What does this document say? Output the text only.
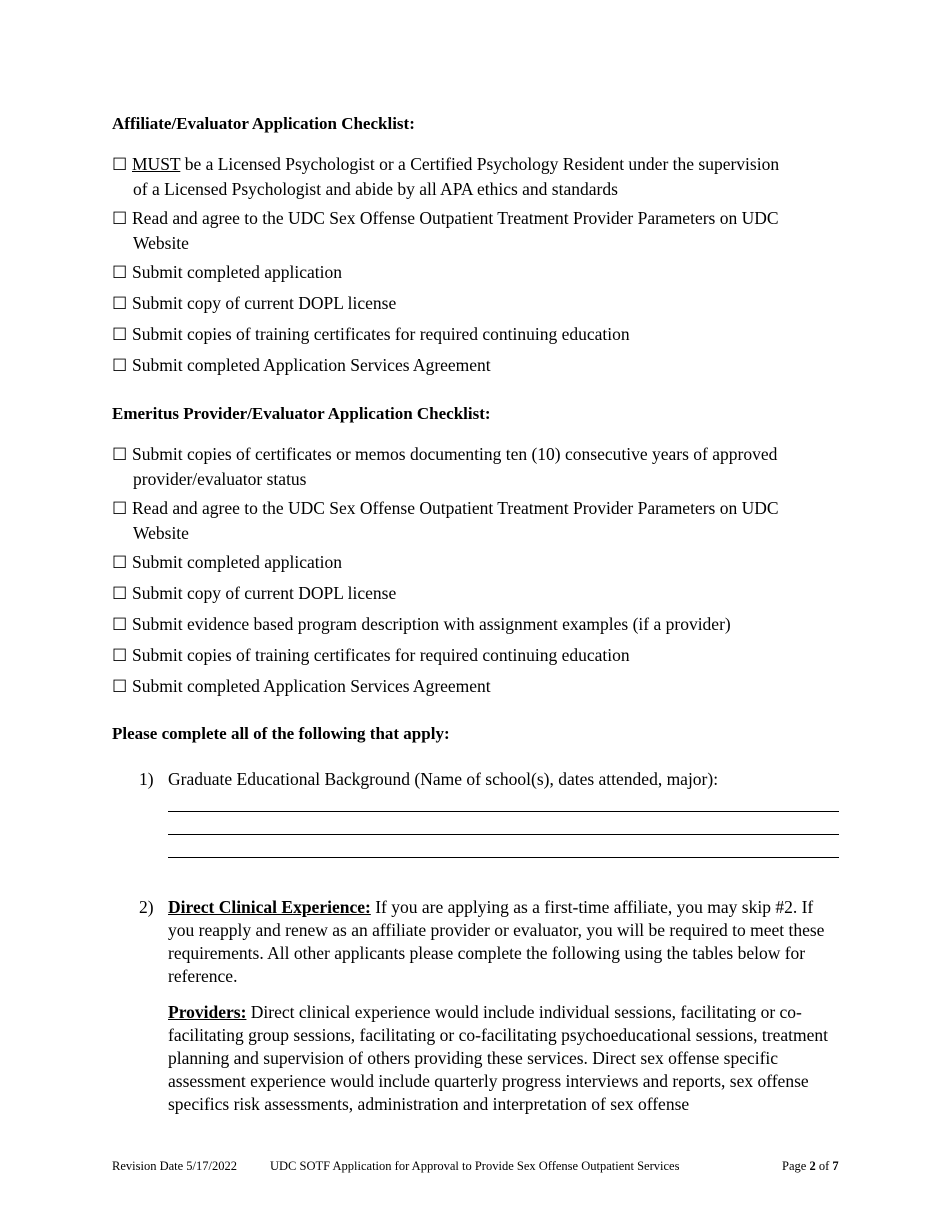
Affiliate/Evaluator Application Checklist:
☐ MUST be a Licensed Psychologist or a Certified Psychology Resident under the supervision
of a Licensed Psychologist and abide by all APA ethics and standards
☐ Read and agree to the UDC Sex Offense Outpatient Treatment Provider Parameters on UDC
Website
☐ Submit completed application
☐ Submit copy of current DOPL license
☐ Submit copies of training certificates for required continuing education
☐ Submit completed Application Services Agreement
Emeritus Provider/Evaluator Application Checklist:
☐ Submit copies of certificates or memos documenting ten (10) consecutive years of approved
provider/evaluator status
☐ Read and agree to the UDC Sex Offense Outpatient Treatment Provider Parameters on UDC
Website
☐ Submit completed application
☐ Submit copy of current DOPL license
☐ Submit evidence based program description with assignment examples (if a provider)
☐ Submit copies of training certificates for required continuing education
☐ Submit completed Application Services Agreement
Please complete all of the following that apply:
1) Graduate Educational Background (Name of school(s), dates attended, major):
2) Direct Clinical Experience: If you are applying as a first-time affiliate, you may skip #2. If you reapply and renew as an affiliate provider or evaluator, you will be required to meet these requirements. All other applicants please complete the following using the tables below for reference.

Providers: Direct clinical experience would include individual sessions, facilitating or co-facilitating group sessions, facilitating or co-facilitating psychoeducational sessions, treatment planning and supervision of others providing these services. Direct sex offense specific assessment experience would include quarterly progress interviews and reports, sex offense specifics risk assessments, administration and interpretation of sex offense

Revision Date 5/17/2022	UDC SOTF Application for Approval to Provide Sex Offense Outpatient Services	Page 2 of 7
